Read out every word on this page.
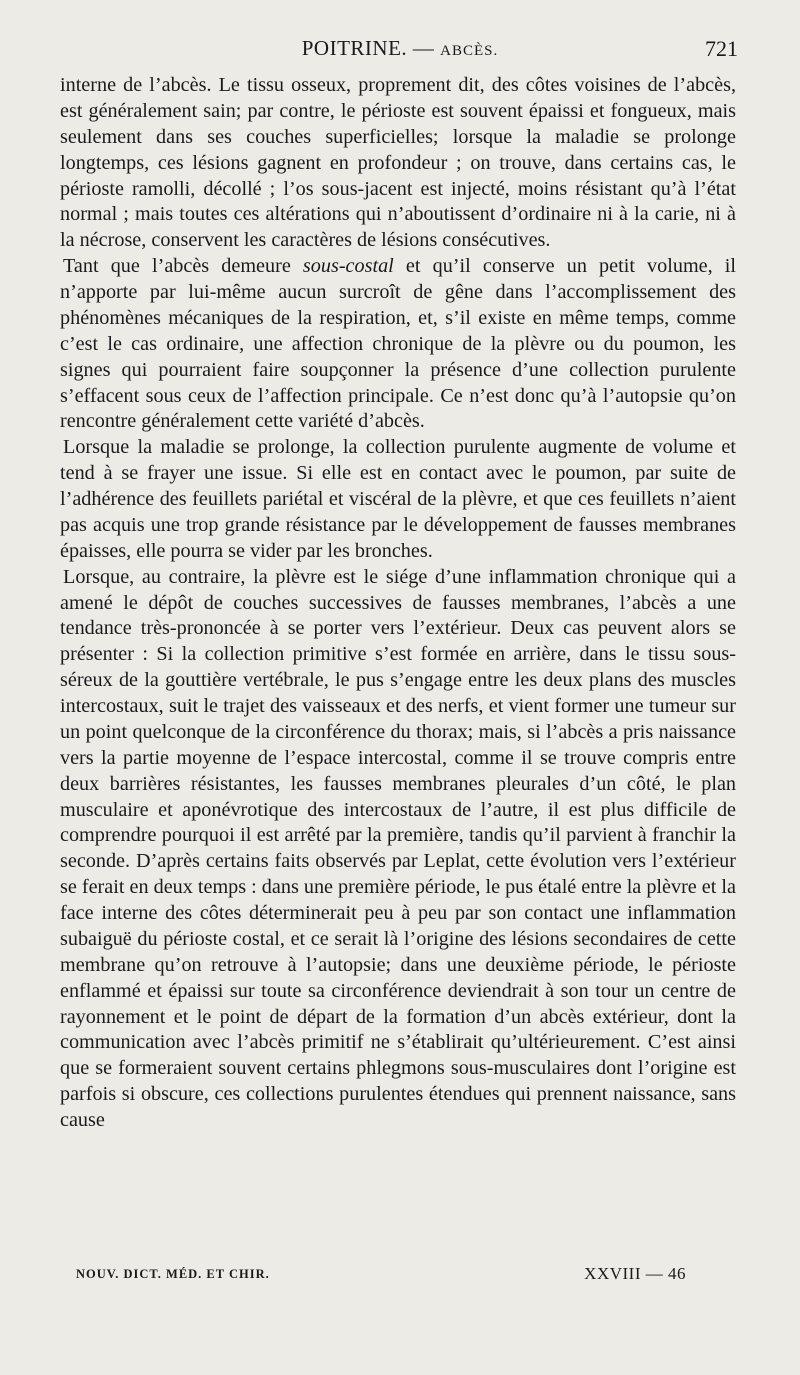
POITRINE. — ABCÈS.	721

interne de l’abcès. Le tissu osseux, proprement dit, des côtes voisines de l’abcès, est généralement sain; par contre, le périoste est souvent épaissi et fongueux, mais seulement dans ses couches superficielles; lorsque la maladie se prolonge longtemps, ces lésions gagnent en profondeur ; on trouve, dans certains cas, le périoste ramolli, décollé ; l’os sous-jacent est injecté, moins résistant qu’à l’état normal ; mais toutes ces altérations qui n’aboutissent d’ordinaire ni à la carie, ni à la nécrose, conservent les caractères de lésions consécutives.

Tant que l’abcès demeure sous-costal et qu’il conserve un petit volume, il n’apporte par lui-même aucun surcroît de gêne dans l’accomplissement des phénomènes mécaniques de la respiration, et, s’il existe en même temps, comme c’est le cas ordinaire, une affection chronique de la plèvre ou du poumon, les signes qui pourraient faire soupçonner la présence d’une collection purulente s’effacent sous ceux de l’affection principale. Ce n’est donc qu’à l’autopsie qu’on rencontre généralement cette variété d’abcès.

Lorsque la maladie se prolonge, la collection purulente augmente de volume et tend à se frayer une issue. Si elle est en contact avec le poumon, par suite de l’adhérence des feuillets pariétal et viscéral de la plèvre, et que ces feuillets n’aient pas acquis une trop grande résistance par le développement de fausses membranes épaisses, elle pourra se vider par les bronches.

Lorsque, au contraire, la plèvre est le siége d’une inflammation chronique qui a amené le dépôt de couches successives de fausses membranes, l’abcès a une tendance très-prononcée à se porter vers l’extérieur. Deux cas peuvent alors se présenter : Si la collection primitive s’est formée en arrière, dans le tissu sous-séreux de la gouttière vertébrale, le pus s’engage entre les deux plans des muscles intercostaux, suit le trajet des vaisseaux et des nerfs, et vient former une tumeur sur un point quelconque de la circonférence du thorax; mais, si l’abcès a pris naissance vers la partie moyenne de l’espace intercostal, comme il se trouve compris entre deux barrières résistantes, les fausses membranes pleurales d’un côté, le plan musculaire et aponévrotique des intercostaux de l’autre, il est plus difficile de comprendre pourquoi il est arrêté par la première, tandis qu’il parvient à franchir la seconde. D’après certains faits observés par Leplat, cette évolution vers l’extérieur se ferait en deux temps : dans une première période, le pus étalé entre la plèvre et la face interne des côtes déterminerait peu à peu par son contact une inflammation subaiguë du périoste costal, et ce serait là l’origine des lésions secondaires de cette membrane qu’on retrouve à l’autopsie; dans une deuxième période, le périoste enflammé et épaissi sur toute sa circonférence deviendrait à son tour un centre de rayonnement et le point de départ de la formation d’un abcès extérieur, dont la communication avec l’abcès primitif ne s’établirait qu’ultérieurement. C’est ainsi que se formeraient souvent certains phlegmons sous-musculaires dont l’origine est parfois si obscure, ces collections purulentes étendues qui prennent naissance, sans cause

NOUV. DICT. MÉD. ET CHIR.	XXVIII — 46
